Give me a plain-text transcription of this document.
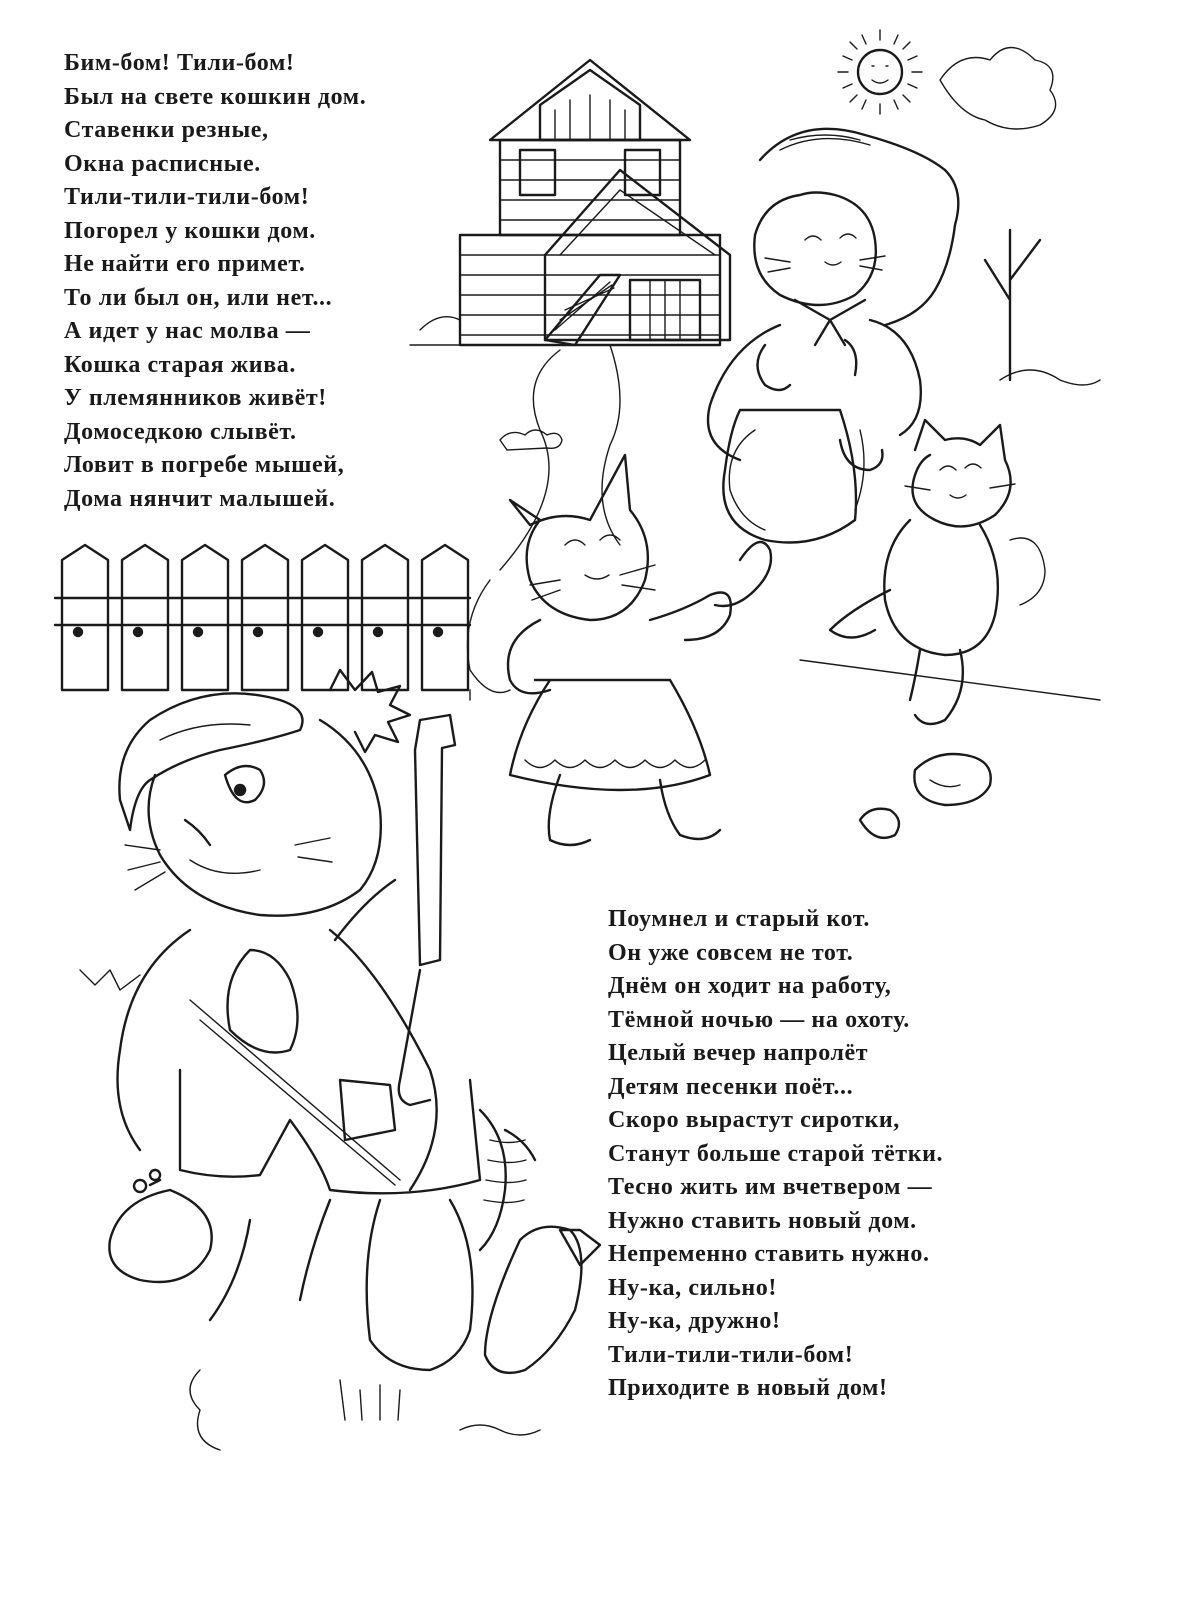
Бим-бом! Тили-бом!
Был на свете кошкин дом.
Ставенки резные,
Окна расписные.
Тили-тили-тили-бом!
Погорел у кошки дом.
Не найти его примет.
То ли был он, или нет...
А идет у нас молва —
Кошка старая жива.
У племянников живёт!
Домоседкою слывёт.
Ловит в погребе мышей,
Дома нянчит малышей.
Поумнел и старый кот.
Он уже совсем не тот.
Днём он ходит на работу,
Тёмной ночью — на охоту.
Целый вечер напролёт
Детям песенки поёт...
Скоро вырастут сиротки,
Станут больше старой тётки.
Тесно жить им вчетвером —
Нужно ставить новый дом.
Непременно ставить нужно.
Ну-ка, сильно!
Ну-ка, дружно!
Тили-тили-тили-бом!
Приходите в новый дом!
